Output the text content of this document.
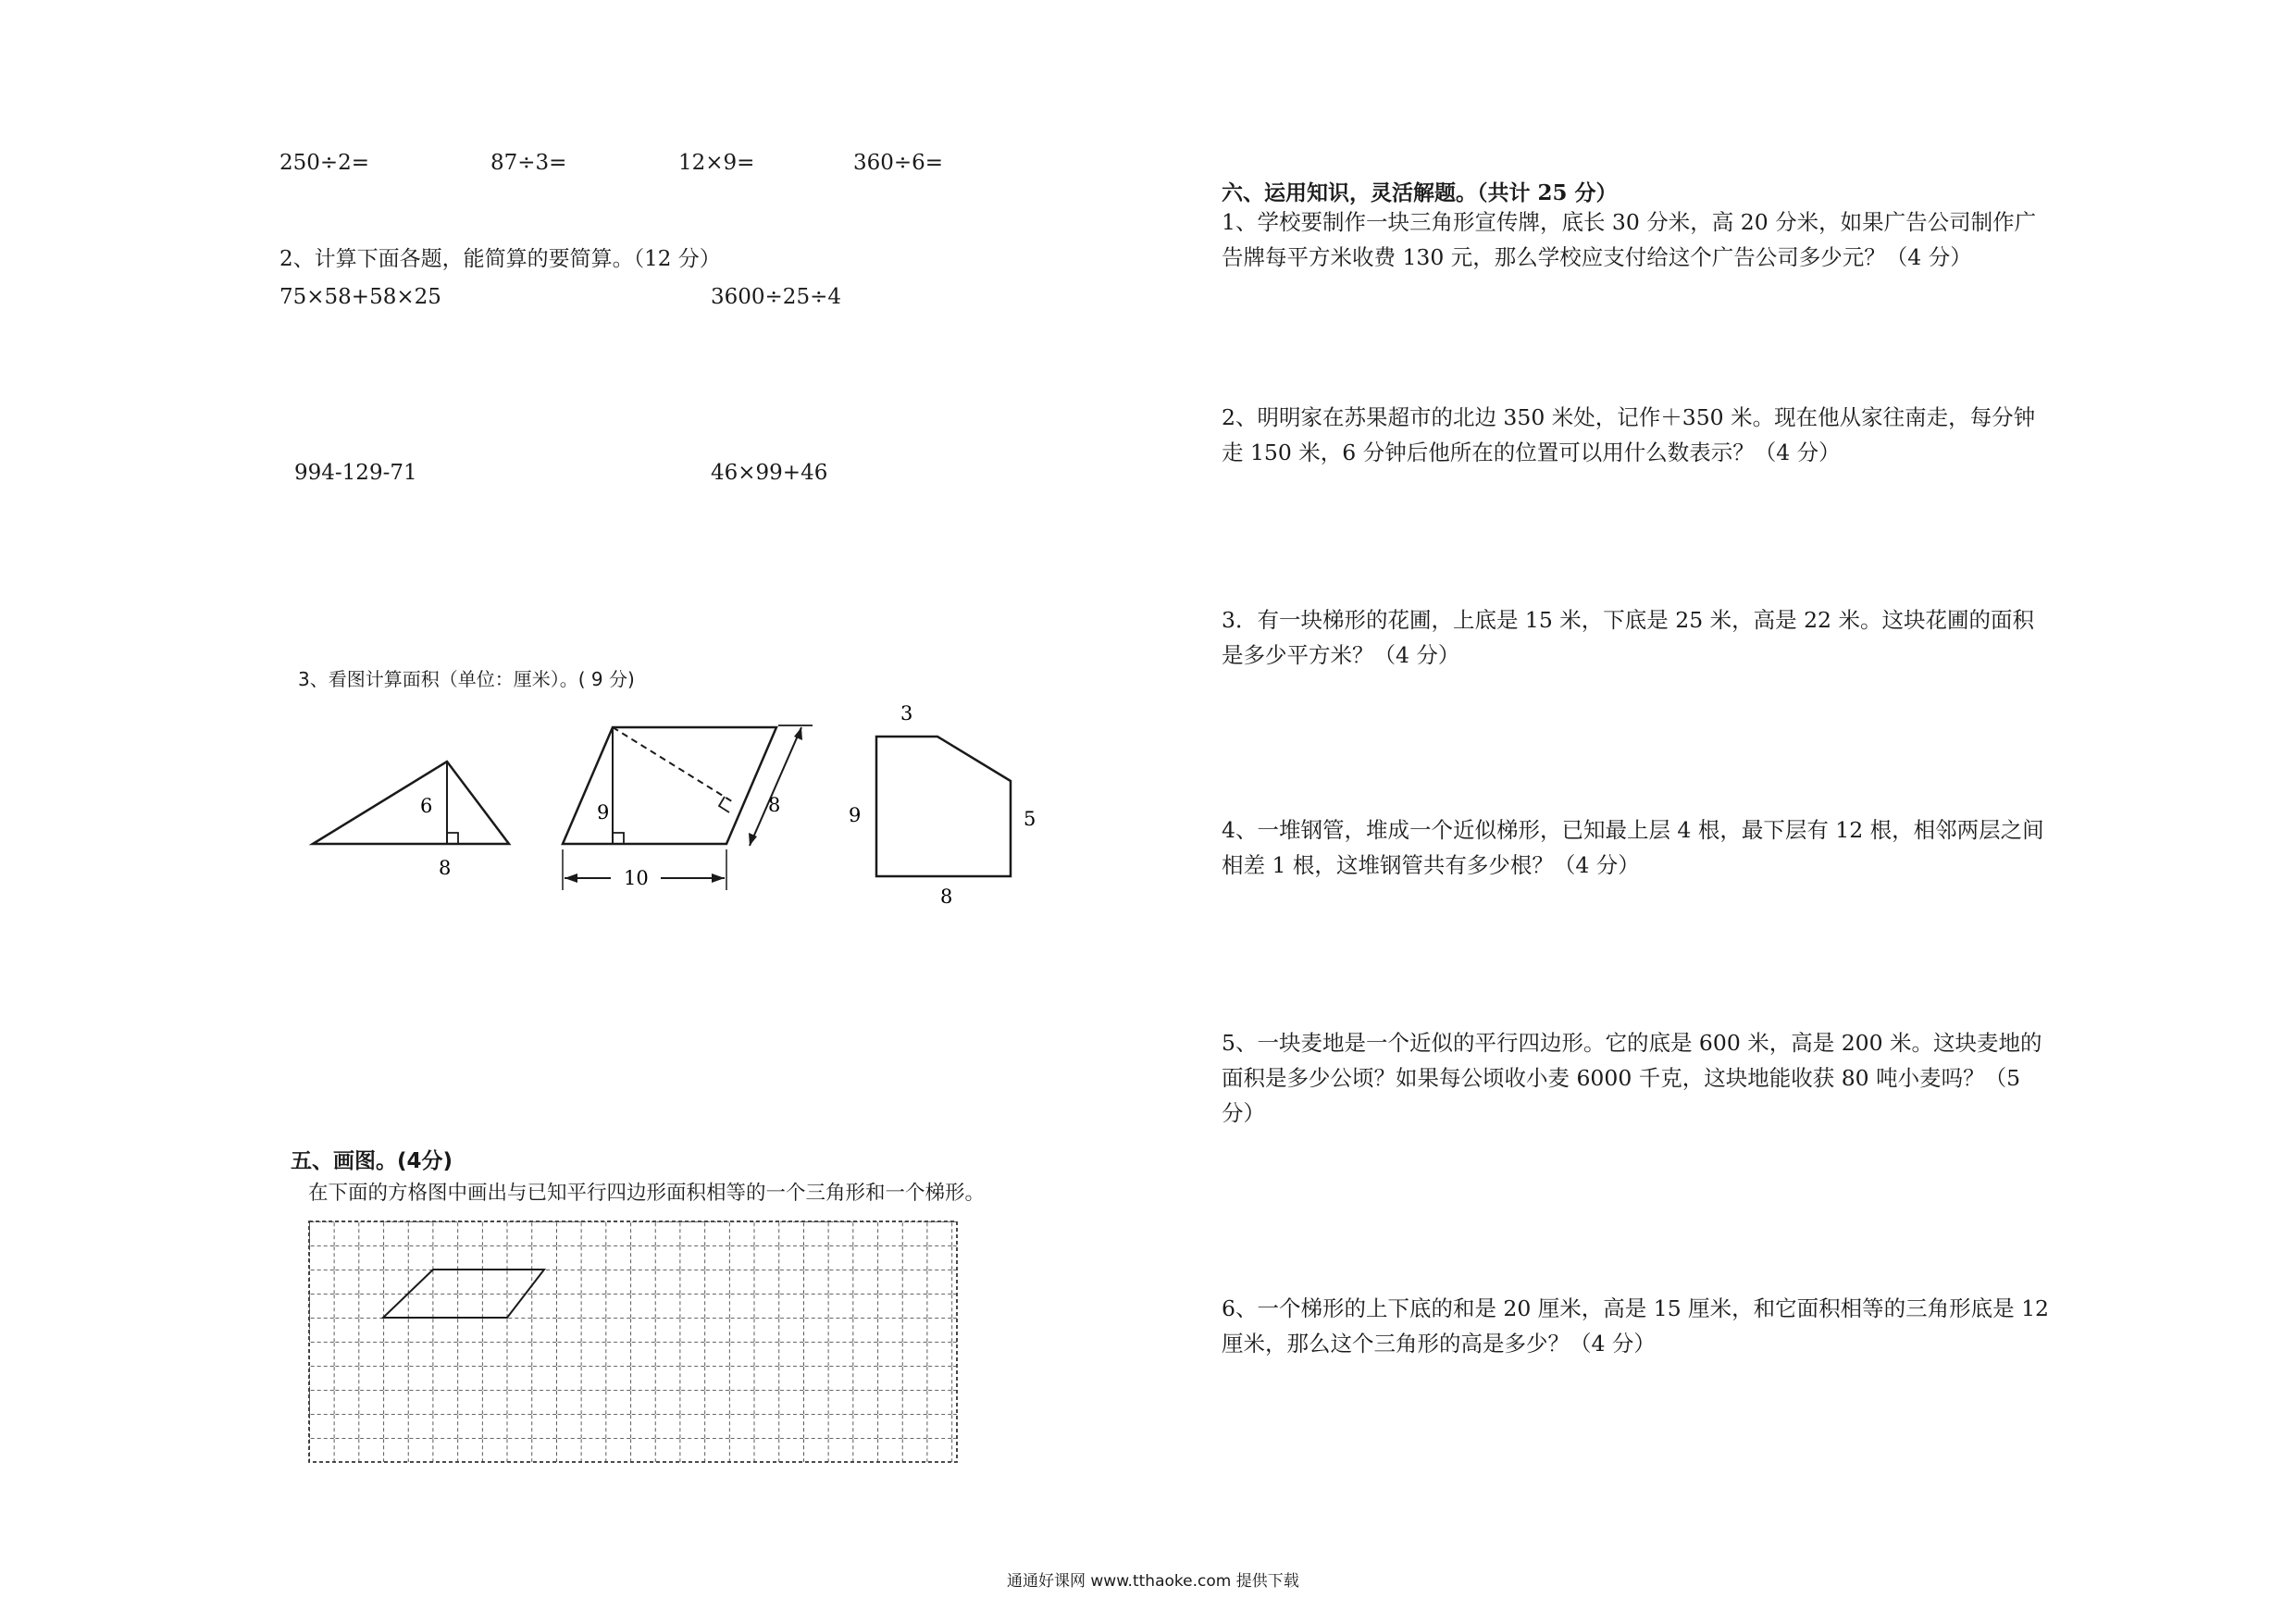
250÷2=	87÷3=	12×9=	360÷6=
2、计算下面各题，能简算的要简算。（12 分）
75×58+58×25	3600÷25÷4
994-129-71	46×99+46
3、看图计算面积（单位：厘米）。( 9 分)
6
8
9	8
10
3
9	5
8
五、画图。(4分)
在下面的方格图中画出与已知平行四边形面积相等的一个三角形和一个梯形。
六、运用知识，灵活解题。（共计 25 分）
1、学校要制作一块三角形宣传牌，底长 30 分米，高 20 分米，如果广告公司制作广告牌每平方米收费 130 元，那么学校应支付给这个广告公司多少元？（4 分）
2、明明家在苏果超市的北边 350 米处，记作＋350 米。现在他从家往南走，每分钟走 150 米，6 分钟后他所在的位置可以用什么数表示？（4 分）
3．有一块梯形的花圃，上底是 15 米，下底是 25 米，高是 22 米。这块花圃的面积是多少平方米？（4 分）
4、一堆钢管，堆成一个近似梯形，已知最上层 4 根，最下层有 12 根，相邻两层之间相差 1 根，这堆钢管共有多少根？（4 分）
5、一块麦地是一个近似的平行四边形。它的底是 600 米，高是 200 米。这块麦地的面积是多少公顷？如果每公顷收小麦 6000 千克，这块地能收获 80 吨小麦吗？（5 分）
6、一个梯形的上下底的和是 20 厘米，高是 15 厘米，和它面积相等的三角形底是 12 厘米，那么这个三角形的高是多少？（4 分）
通通好课网 www.tthaoke.com 提供下载
